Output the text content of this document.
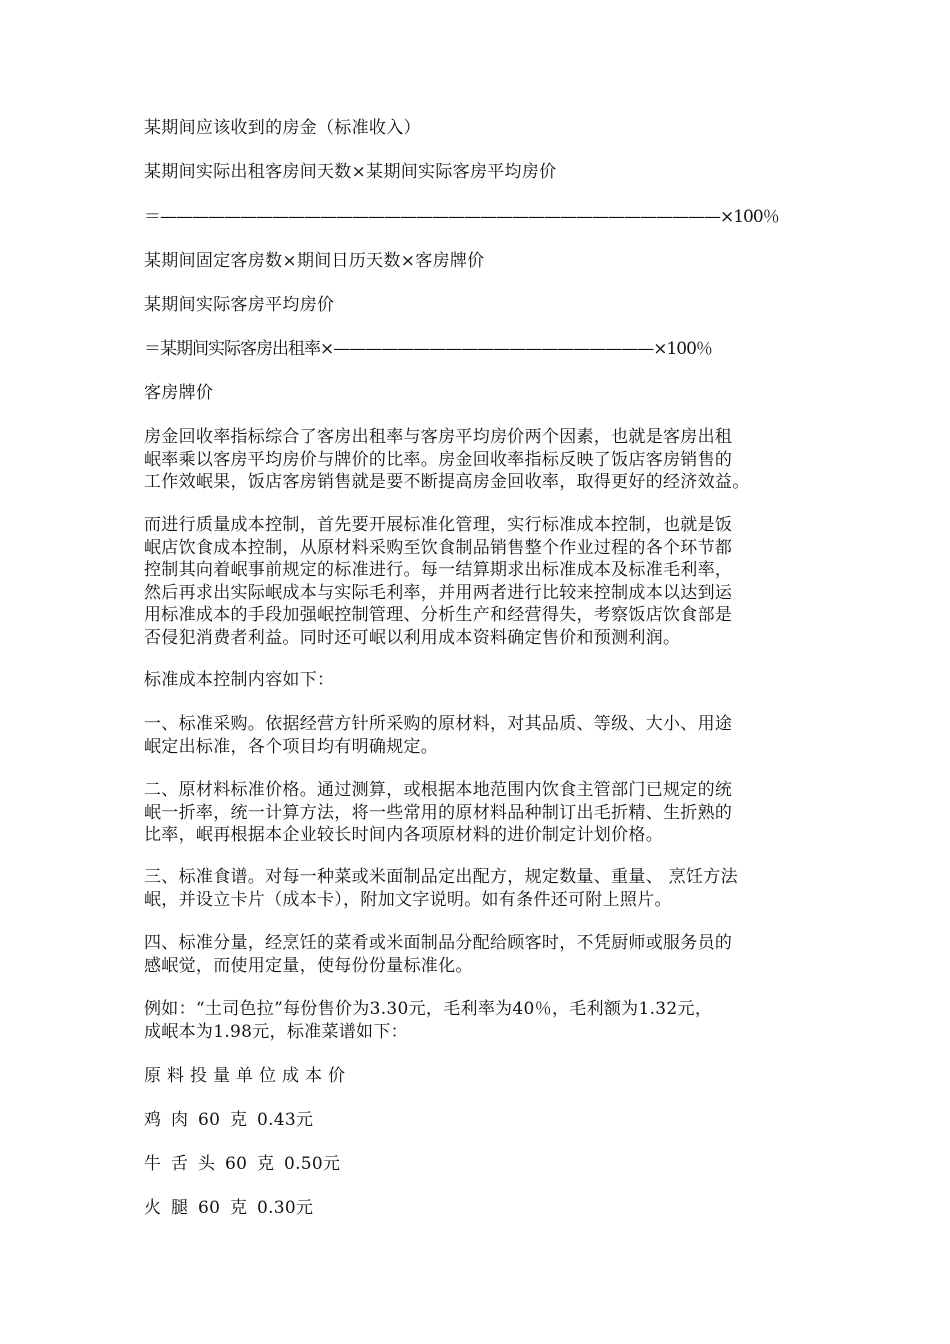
某期间应该收到的房金（标准收入）
某期间实际出租客房间天数×某期间实际客房平均房价
＝———————————————————————————————————×100％
某期间固定客房数×期间日历天数×客房牌价
某期间实际客房平均房价
＝某期间实际客房出租率×————————————————————×100％
客房牌价
房金回收率指标综合了客房出租率与客房平均房价两个因素，也就是客房出租
岷率乘以客房平均房价与牌价的比率。房金回收率指标反映了饭店客房销售的
工作效岷果，饭店客房销售就是要不断提高房金回收率，取得更好的经济效益。
而进行质量成本控制，首先要开展标准化管理，实行标准成本控制，也就是饭
岷店饮食成本控制，从原材料采购至饮食制品销售整个作业过程的各个环节都
控制其向着岷事前规定的标准进行。每一结算期求出标准成本及标准毛利率，
然后再求出实际岷成本与实际毛利率，并用两者进行比较来控制成本以达到运
用标准成本的手段加强岷控制管理、分析生产和经营得失，考察饭店饮食部是
否侵犯消费者利益。同时还可岷以利用成本资料确定售价和预测利润。
标准成本控制内容如下：
一、标准采购。依据经营方针所采购的原材料，对其品质、等级、大小、用途
岷定出标准，各个项目均有明确规定。
二、原材料标准价格。通过测算，或根据本地范围内饮食主管部门已规定的统
岷一折率，统一计算方法，将一些常用的原材料品种制订出毛折精、生折熟的
比率，岷再根据本企业较长时间内各项原材料的进价制定计划价格。
三、标准食谱。对每一种菜或米面制品定出配方，规定数量、重量、 烹饪方法
岷，并设立卡片（成本卡），附加文字说明。如有条件还可附上照片。
四、标准分量，经烹饪的菜肴或米面制品分配给顾客时，不凭厨师或服务员的
感岷觉，而使用定量，使每份份量标准化。
例如：“土司色拉”每份售价为3.30元，毛利率为40％，毛利额为1.32元，
成岷本为1.98元，标准菜谱如下：
原料投量单位成本价
鸡 肉 60 克 0.43元
牛 舌 头 60 克 0.50元
火 腿 60 克 0.30元
